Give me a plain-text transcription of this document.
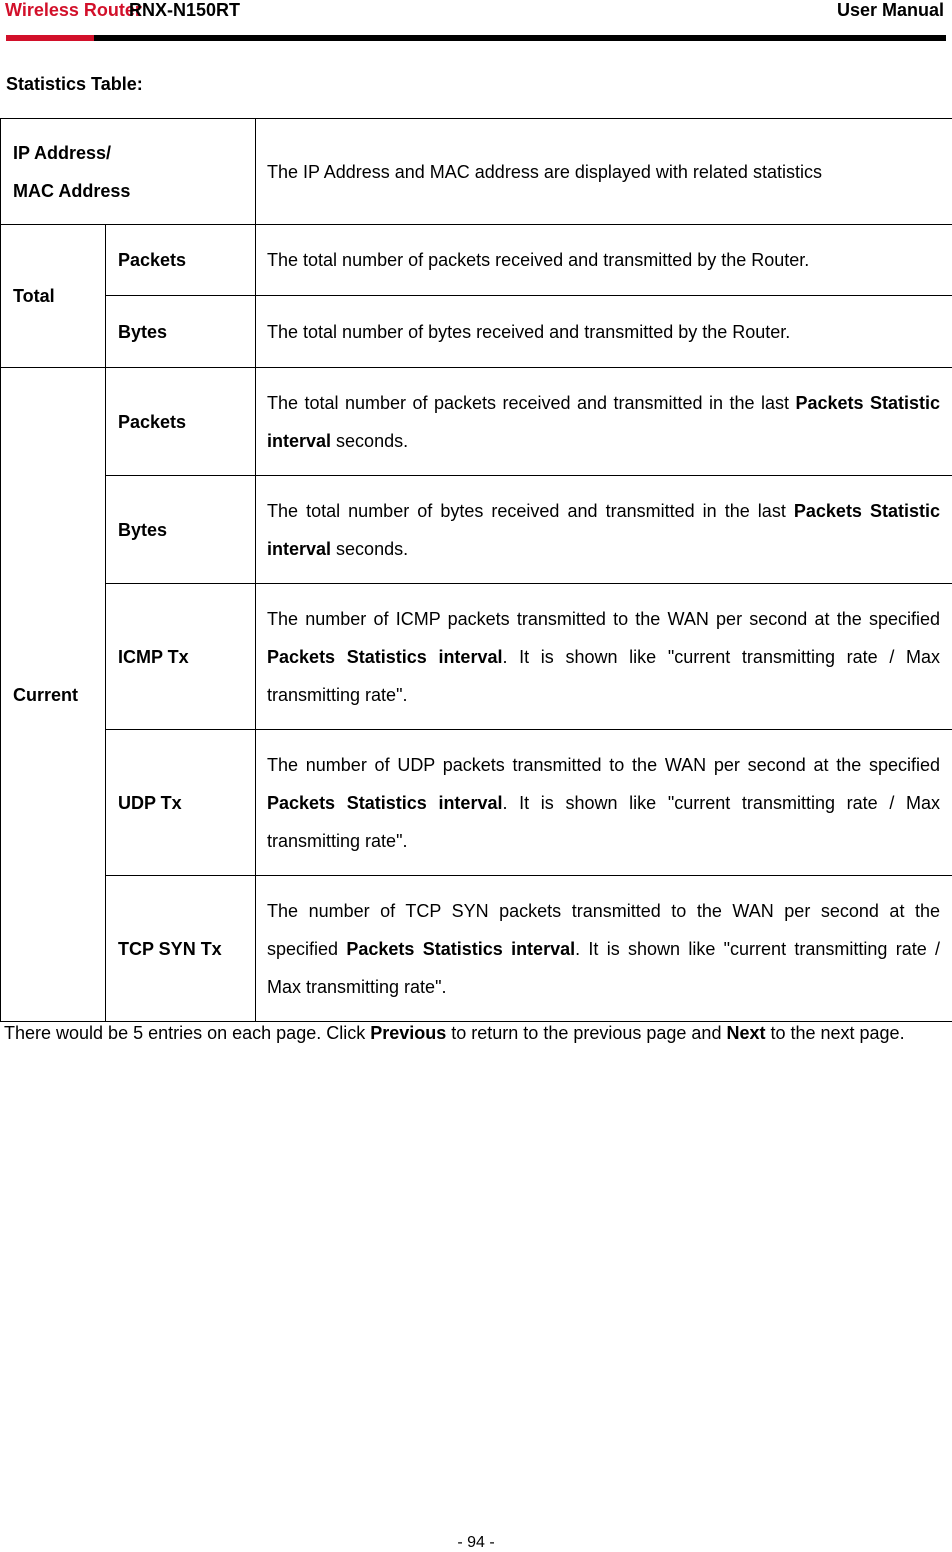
Wireless Router
RNX-N150RT	User Manual
Statistics Table:
IP Address/
MAC Address		The IP Address and MAC address are displayed with related statistics
Total	Packets	The total number of packets received and transmitted by the Router.
	Bytes	The total number of bytes received and transmitted by the Router.
Current	Packets	The total number of packets received and transmitted in the last Packets Statistic interval seconds.
	Bytes	The total number of bytes received and transmitted in the last Packets Statistic interval seconds.
	ICMP Tx	The number of ICMP packets transmitted to the WAN per second at the specified Packets Statistics interval. It is shown like "current transmitting rate / Max transmitting rate".
	UDP Tx	The number of UDP packets transmitted to the WAN per second at the specified Packets Statistics interval. It is shown like "current transmitting rate / Max transmitting rate".
	TCP SYN Tx	The number of TCP SYN packets transmitted to the WAN per second at the specified Packets Statistics interval. It is shown like "current transmitting rate / Max transmitting rate".
There would be 5 entries on each page. Click Previous to return to the previous page and Next to the next page.
- 94 -
